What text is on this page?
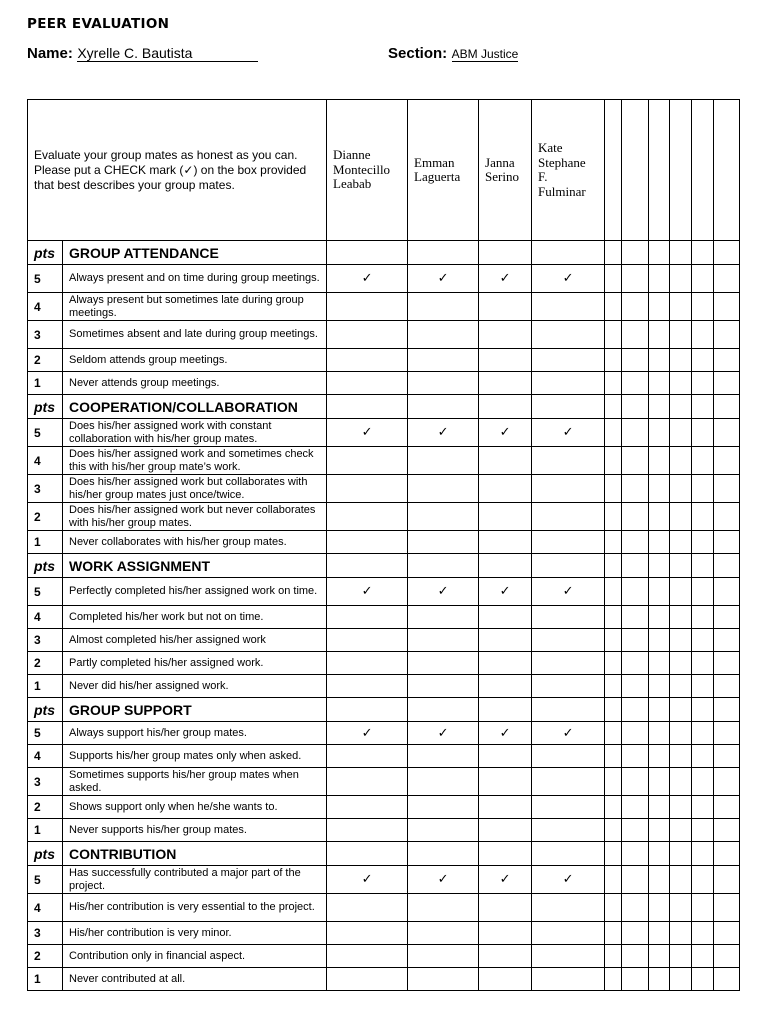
PEER EVALUATION
Name: Xyrelle C. Bautista	Section: ABM Justice
Evaluate your group mates as honest as you can. Please put a CHECK mark (✓) on the box provided that best describes your group mates.		Dianne Montecillo Leabab	Emman Laguerta	Janna Serino	Kate Stephane F. Fulminar						
pts	GROUP ATTENDANCE										
5	Always present and on time during group meetings.	✓	✓	✓	✓						
4	Always present but sometimes late during group meetings.										
3	Sometimes absent and late during group meetings.										
2	Seldom attends group meetings.										
1	Never attends group meetings.										
pts	COOPERATION/COLLABORATION										
5	Does his/her assigned work with constant collaboration with his/her group mates.	✓	✓	✓	✓						
4	Does his/her assigned work and sometimes check this with his/her group mate’s work.										
3	Does his/her assigned work but collaborates with his/her group mates just once/twice.										
2	Does his/her assigned work but never collaborates with his/her group mates.										
1	Never collaborates with his/her group mates.										
pts	WORK ASSIGNMENT										
5	Perfectly completed his/her assigned work on time.	✓	✓	✓	✓						
4	Completed his/her work but not on time.										
3	Almost completed his/her assigned work										
2	Partly completed his/her assigned work.										
1	Never did his/her assigned work.										
pts	GROUP SUPPORT										
5	Always support his/her group mates.	✓	✓	✓	✓						
4	Supports his/her group mates only when asked.										
3	Sometimes supports his/her group mates when asked.										
2	Shows support only when he/she wants to.										
1	Never supports his/her group mates.										
pts	CONTRIBUTION										
5	Has successfully contributed a major part of the project.	✓	✓	✓	✓						
4	His/her contribution is very essential to the project.										
3	His/her contribution is very minor.										
2	Contribution only in financial aspect.										
1	Never contributed at all.										
